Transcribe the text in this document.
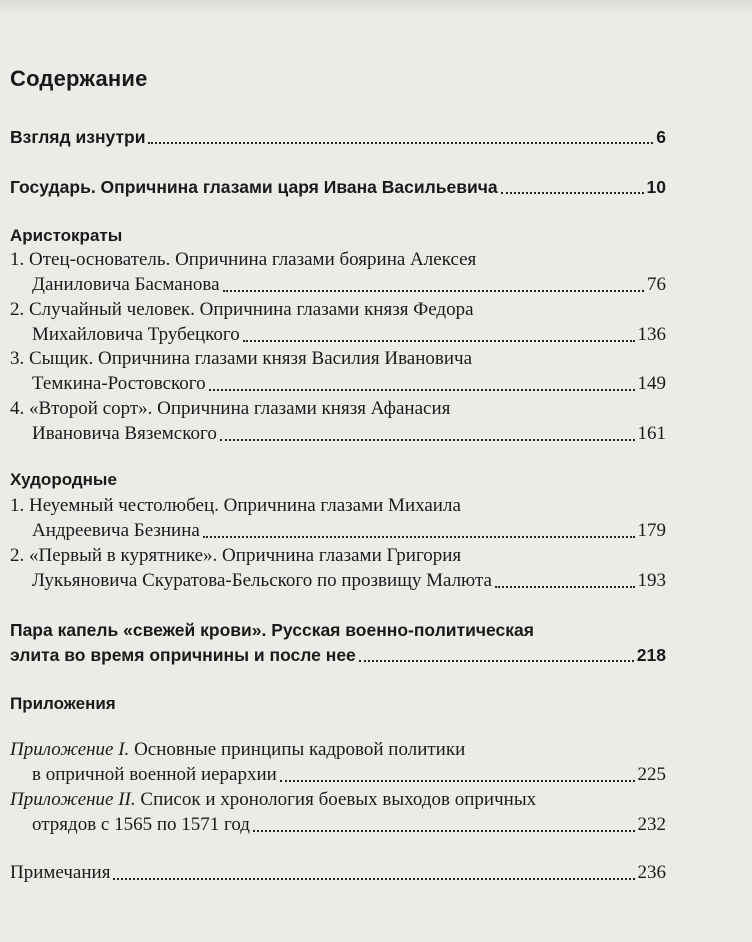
Содержание
Взгляд изнутри	6
Государь. Опричнина глазами царя Ивана Васильевича	10
Аристократы
1. Отец-основатель. Опричнина глазами боярина Алексея
Даниловича Басманова	76
2. Случайный человек. Опричнина глазами князя Федора
Михайловича Трубецкого	136
3. Сыщик. Опричнина глазами князя Василия Ивановича
Темкина-Ростовского	149
4. «Второй сорт». Опричнина глазами князя Афанасия
Ивановича Вяземского	161
Худородные
1. Неуемный честолюбец. Опричнина глазами Михаила
Андреевича Безнина	179
2. «Первый в курятнике». Опричнина глазами Григория
Лукьяновича Скуратова-Бельского по прозвищу Малюта	193
Пара капель «свежей крови». Русская военно-политическая
элита во время опричнины и после нее	218
Приложения
Приложение I. Основные принципы кадровой политики
в опричной военной иерархии	225
Приложение II. Список и хронология боевых выходов опричных
отрядов с 1565 по 1571 год	232
Примечания	236
